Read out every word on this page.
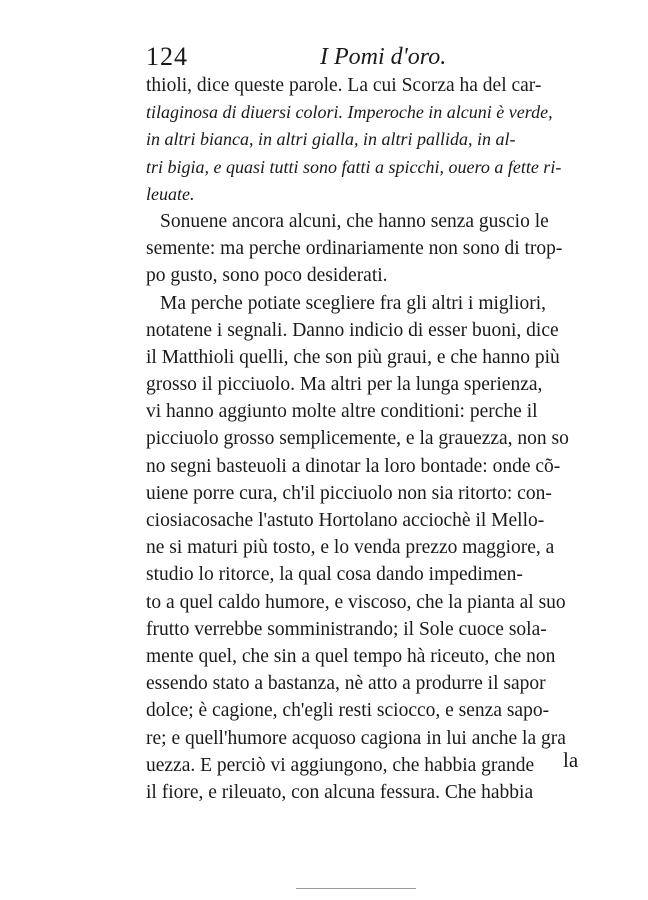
124	I Pomi d'oro.
thioli, dice queste parole. La cui Scorza ha del car-
tilaginosa di diuersi colori. Imperoche in alcuni è verde,
in altri bianca, in altri gialla, in altri pallida, in al-
tri bigia, e quasi tutti sono fatti a spicchi, ouero a fette ri-
leuate.
Sonuene ancora alcuni, che hanno senza guscio le
semente: ma perche ordinariamente non sono di trop-
po gusto, sono poco desiderati.
Ma perche potiate scegliere fra gli altri i migliori,
notatene i segnali. Danno indicio di esser buoni, dice
il Matthioli quelli, che son più graui, e che hanno più
grosso il picciuolo. Ma altri per la lunga sperienza,
vi hanno aggiunto molte altre conditioni: perche il
picciuolo grosso semplicemente, e la grauezza, non so
no segni basteuoli a dinotar la loro bontade: onde cõ-
uiene porre cura, ch'il picciuolo non sia ritorto: con-
ciosiacosache l'astuto Hortolano acciochè il Mello-
ne si maturi più tosto, e lo venda prezzo maggiore, a
studio lo ritorce, la qual cosa dando impedimen-
to a quel caldo humore, e viscoso, che la pianta al suo
frutto verrebbe somministrando; il Sole cuoce sola-
mente quel, che sin a quel tempo hà riceuto, che non
essendo stato a bastanza, nè atto a produrre il sapor
dolce; è cagione, ch'egli resti sciocco, e senza sapo-
re; e quell'humore acquoso cagiona in lui anche la gra
uezza. E perciò vi aggiungono, che habbia grande
il fiore, e rileuato, con alcuna fessura. Che habbia
la
